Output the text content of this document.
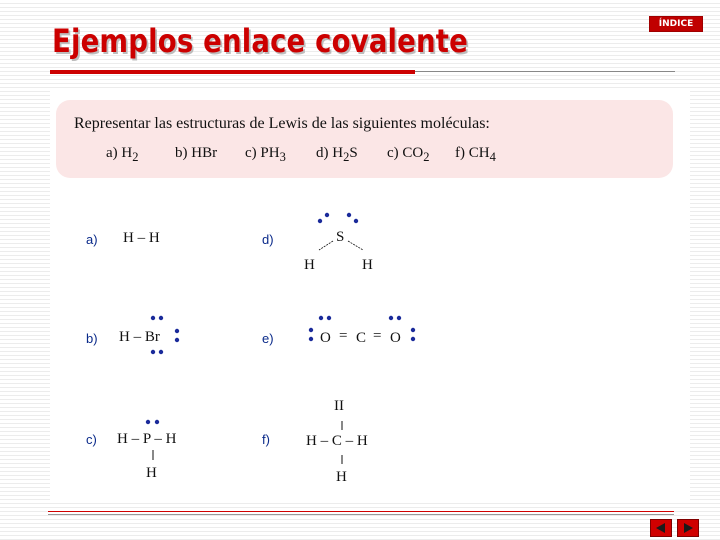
Ejemplos enlace covalente	ÍNDICE
Representar las estructuras de Lewis de las siguientes moléculas:
a) $H_2$ b) HBr c) $PH_3$ d) $H_2S$ c) $CO_2$ f) $CH_4$
a) H – H
b) H – Br
c) H – P – H
H
d)	S
H	H
e)	O = C = O
f)
II
H – C – H
H
